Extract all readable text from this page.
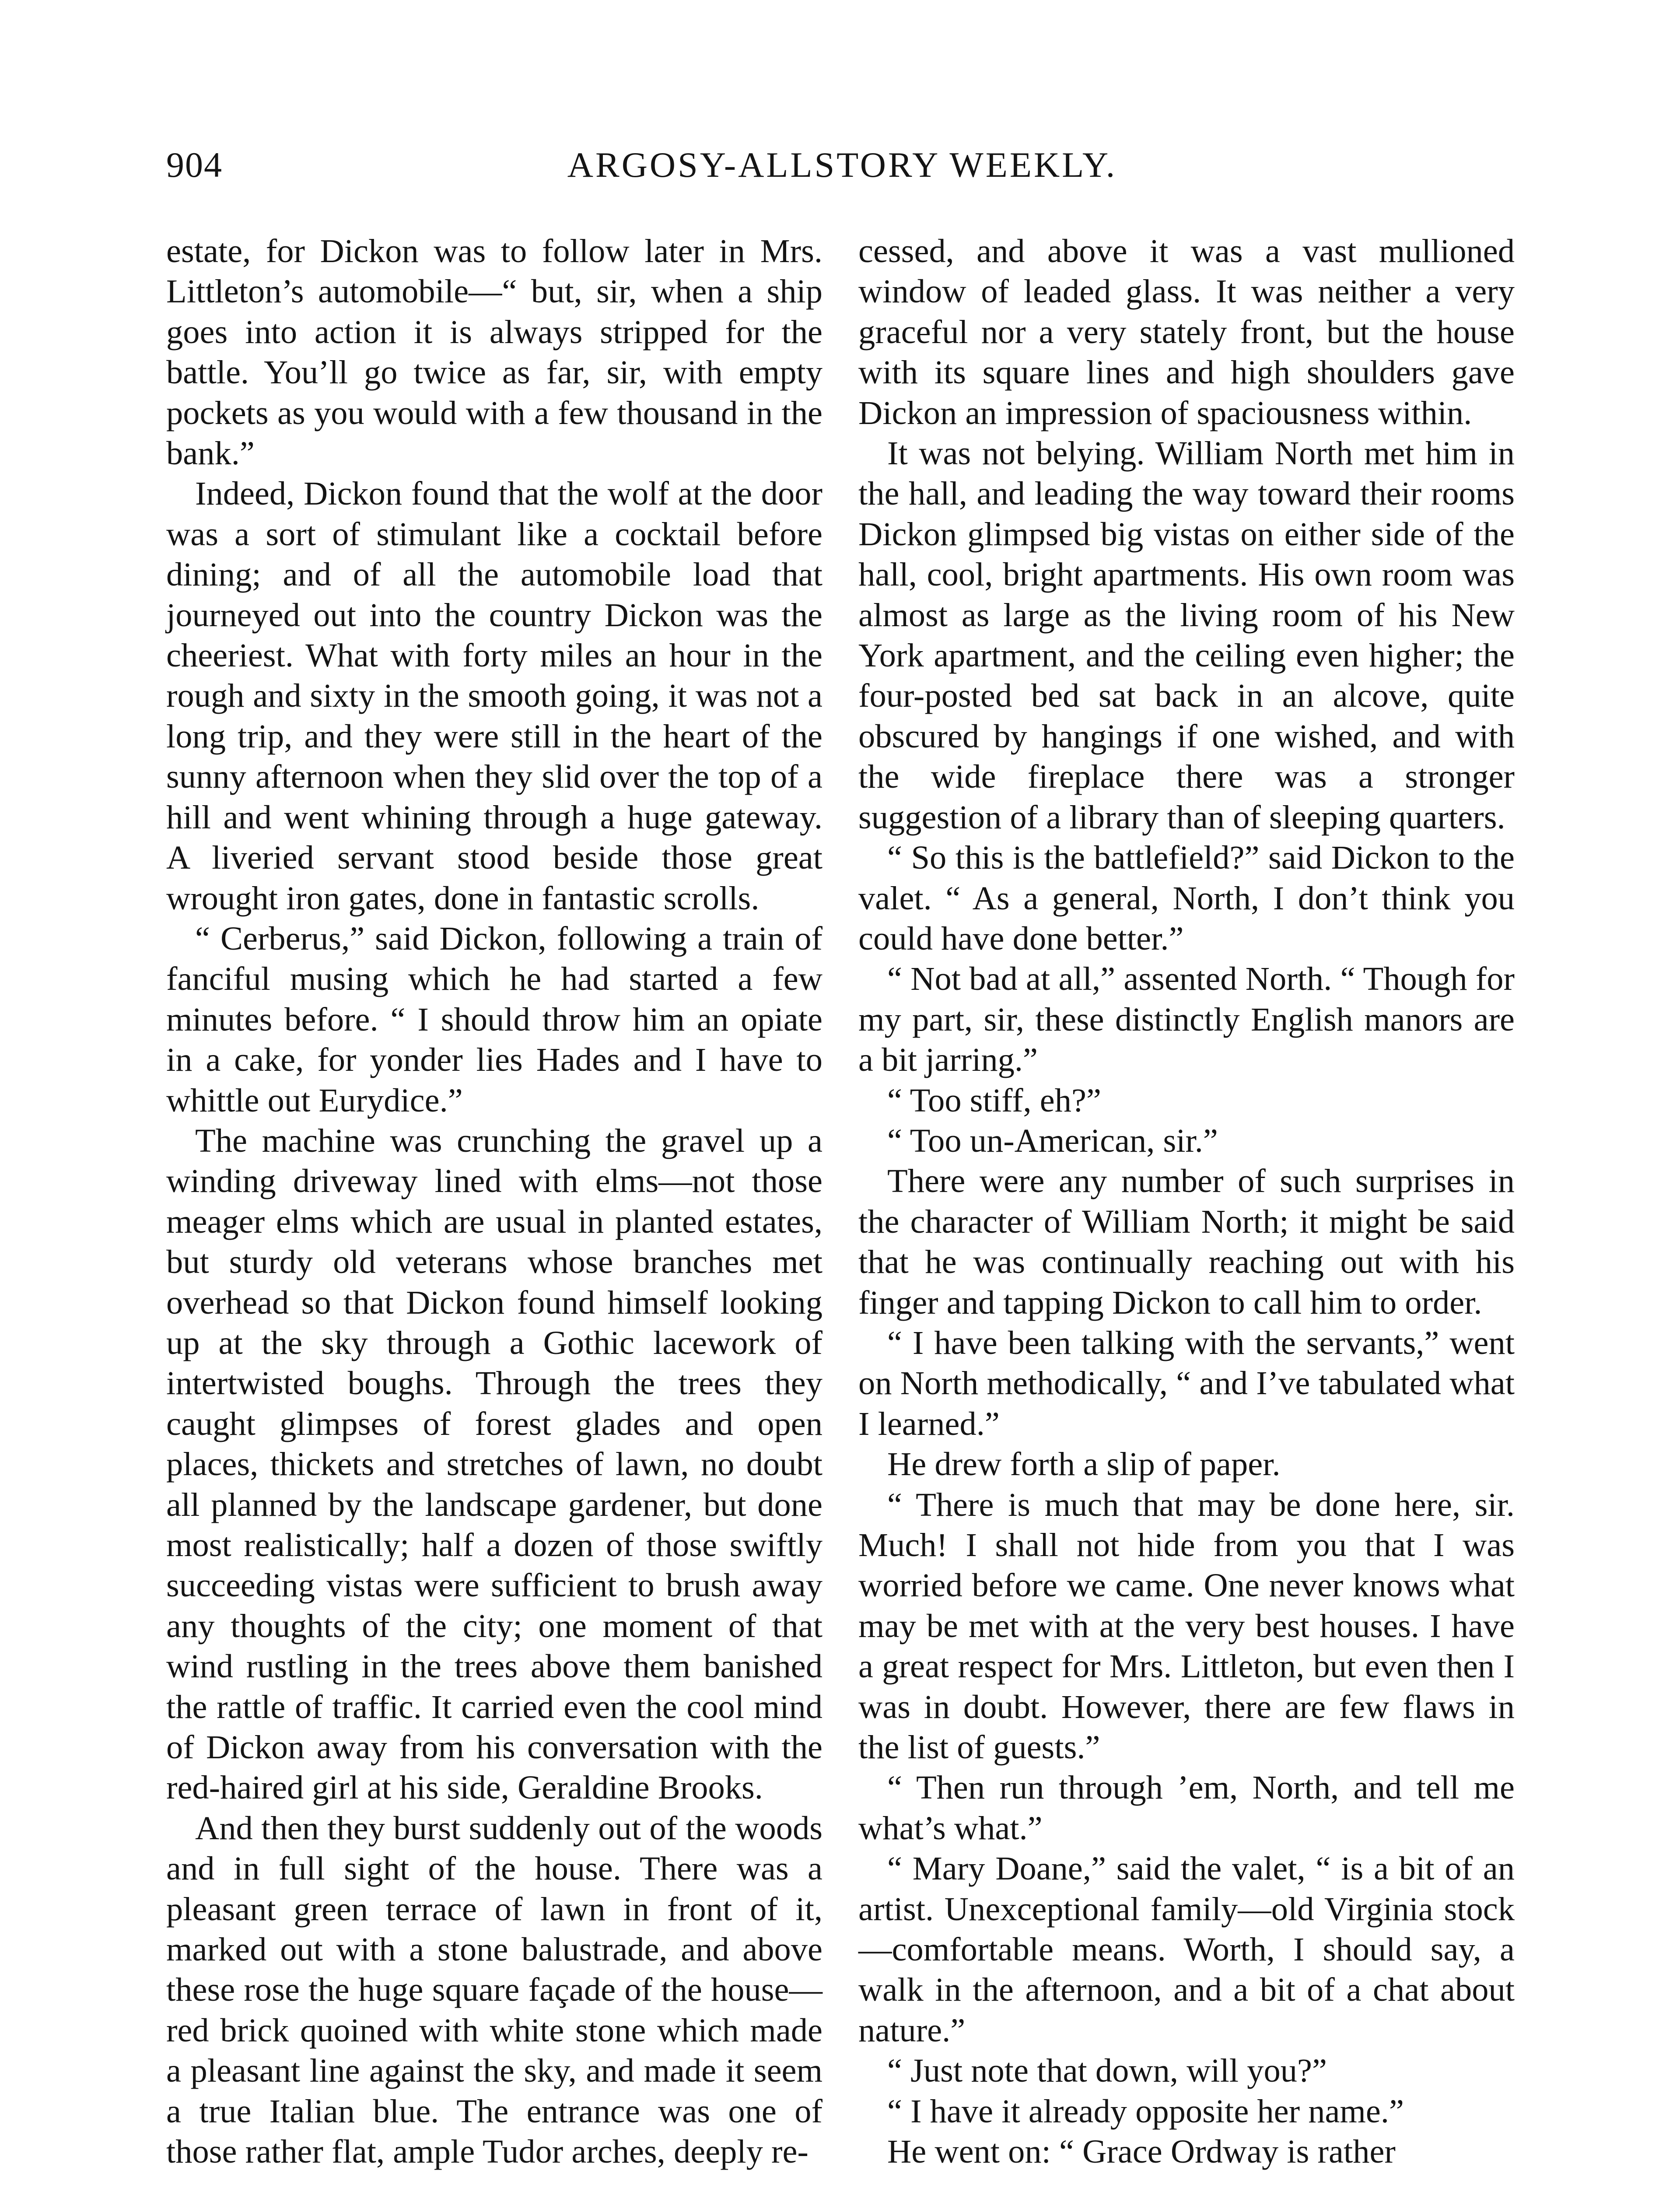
904	ARGOSY-ALLSTORY WEEKLY.

estate, for Dickon was to follow later in Mrs. Littleton’s automobile—“ but, sir, when a ship goes into action it is always stripped for the battle. You’ll go twice as far, sir, with empty pockets as you would with a few thousand in the bank.”

Indeed, Dickon found that the wolf at the door was a sort of stimulant like a cocktail before dining; and of all the automobile load that journeyed out into the country Dickon was the cheeriest. What with forty miles an hour in the rough and sixty in the smooth going, it was not a long trip, and they were still in the heart of the sunny afternoon when they slid over the top of a hill and went whining through a huge gateway. A liveried servant stood beside those great wrought iron gates, done in fantastic scrolls.

“ Cerberus,” said Dickon, following a train of fanciful musing which he had started a few minutes before. “ I should throw him an opiate in a cake, for yonder lies Hades and I have to whittle out Eurydice.”

The machine was crunching the gravel up a winding driveway lined with elms—not those meager elms which are usual in planted estates, but sturdy old veterans whose branches met overhead so that Dickon found himself looking up at the sky through a Gothic lacework of intertwisted boughs. Through the trees they caught glimpses of forest glades and open places, thickets and stretches of lawn, no doubt all planned by the landscape gardener, but done most realistically; half a dozen of those swiftly succeeding vistas were sufficient to brush away any thoughts of the city; one moment of that wind rustling in the trees above them banished the rattle of traffic. It carried even the cool mind of Dickon away from his conversation with the red-haired girl at his side, Geraldine Brooks.

And then they burst suddenly out of the woods and in full sight of the house. There was a pleasant green terrace of lawn in front of it, marked out with a stone balustrade, and above these rose the huge square façade of the house—red brick quoined with white stone which made a pleasant line against the sky, and made it seem a true Italian blue. The entrance was one of those rather flat, ample Tudor arches, deeply re-

cessed, and above it was a vast mullioned window of leaded glass. It was neither a very graceful nor a very stately front, but the house with its square lines and high shoulders gave Dickon an impression of spaciousness within.

It was not belying. William North met him in the hall, and leading the way toward their rooms Dickon glimpsed big vistas on either side of the hall, cool, bright apartments. His own room was almost as large as the living room of his New York apartment, and the ceiling even higher; the four-posted bed sat back in an alcove, quite obscured by hangings if one wished, and with the wide fireplace there was a stronger suggestion of a library than of sleeping quarters.

“ So this is the battlefield?” said Dickon to the valet. “ As a general, North, I don’t think you could have done better.”

“ Not bad at all,” assented North. “ Though for my part, sir, these distinctly English manors are a bit jarring.”

“ Too stiff, eh?”

“ Too un-American, sir.”

There were any number of such surprises in the character of William North; it might be said that he was continually reaching out with his finger and tapping Dickon to call him to order.

“ I have been talking with the servants,” went on North methodically, “ and I’ve tabulated what I learned.”

He drew forth a slip of paper.

“ There is much that may be done here, sir. Much! I shall not hide from you that I was worried before we came. One never knows what may be met with at the very best houses. I have a great respect for Mrs. Littleton, but even then I was in doubt. However, there are few flaws in the list of guests.”

“ Then run through ’em, North, and tell me what’s what.”

“ Mary Doane,” said the valet, “ is a bit of an artist. Unexceptional family—old Virginia stock—comfortable means. Worth, I should say, a walk in the afternoon, and a bit of a chat about nature.”

“ Just note that down, will you?”

“ I have it already opposite her name.”

He went on: “ Grace Ordway is rather
